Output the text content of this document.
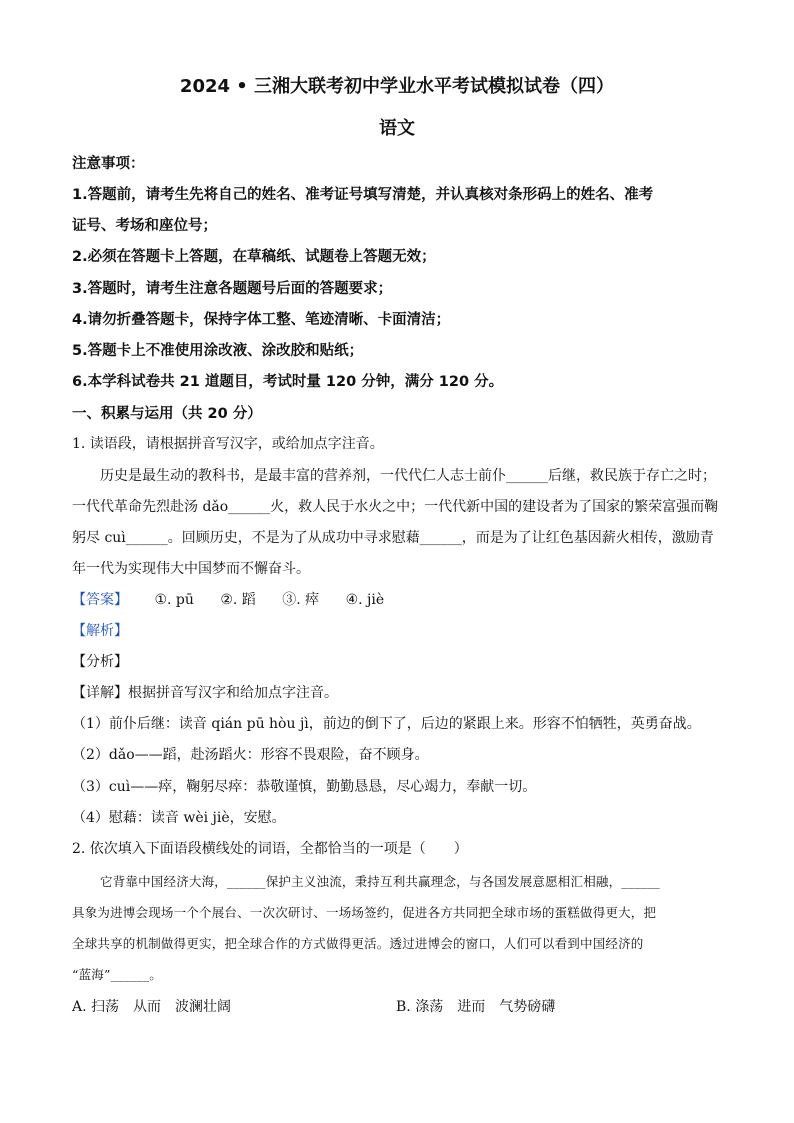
2024 • 三湘大联考初中学业水平考试模拟试卷（四）
语文
注意事项：
1.答题前，请考生先将自己的姓名、准考证号填写清楚，并认真核对条形码上的姓名、准考
证号、考场和座位号；
2.必须在答题卡上答题，在草稿纸、试题卷上答题无效；
3.答题时，请考生注意各题题号后面的答题要求；
4.请勿折叠答题卡，保持字体工整、笔迹清晰、卡面清洁；
5.答题卡上不准使用涂改液、涂改胶和贴纸；
6.本学科试卷共 21 道题目，考试时量 120 分钟，满分 120 分。
一、积累与运用（共 20 分）
1. 读语段，请根据拼音写汉字，或给加点字注音。
历史是最生动的教科书，是最丰富的营养剂，一代代仁人志士前仆______后继，救民族于存亡之时；
一代代革命先烈赴汤 dǎo______火，救人民于水火之中；一代代新中国的建设者为了国家的繁荣富强而鞠
躬尽 cuì______。回顾历史，不是为了从成功中寻求慰藉______，而是为了让红色基因薪火相传，激励青
年一代为实现伟大中国梦而不懈奋斗。
【答案】 ①. pū ②. 蹈 ③. 瘁 ④. jiè
【解析】
【分析】
【详解】根据拼音写汉字和给加点字注音。
（1）前仆后继：读音 qián pū hòu jì，前边的倒下了，后边的紧跟上来。形容不怕牺牲，英勇奋战。
（2）dǎo——蹈，赴汤蹈火：形容不畏艰险，奋不顾身。
（3）cuì——瘁，鞠躬尽瘁：恭敬谨慎，勤勤恳恳，尽心竭力，奉献一切。
（4）慰藉：读音 wèi jiè，安慰。
2. 依次填入下面语段横线处的词语，全都恰当的一项是（　　）
它背靠中国经济大海，______保护主义浊流，秉持互利共赢理念，与各国发展意愿相汇相融，______
具象为进博会现场一个个展台、一次次研讨、一场场签约，促进各方共同把全球市场的蛋糕做得更大，把
全球共享的机制做得更实，把全球合作的方式做得更活。透过进博会的窗口，人们可以看到中国经济的
“蓝海”______。
A. 扫荡　从而　波澜壮阔	B. 涤荡　进而　气势磅礴
